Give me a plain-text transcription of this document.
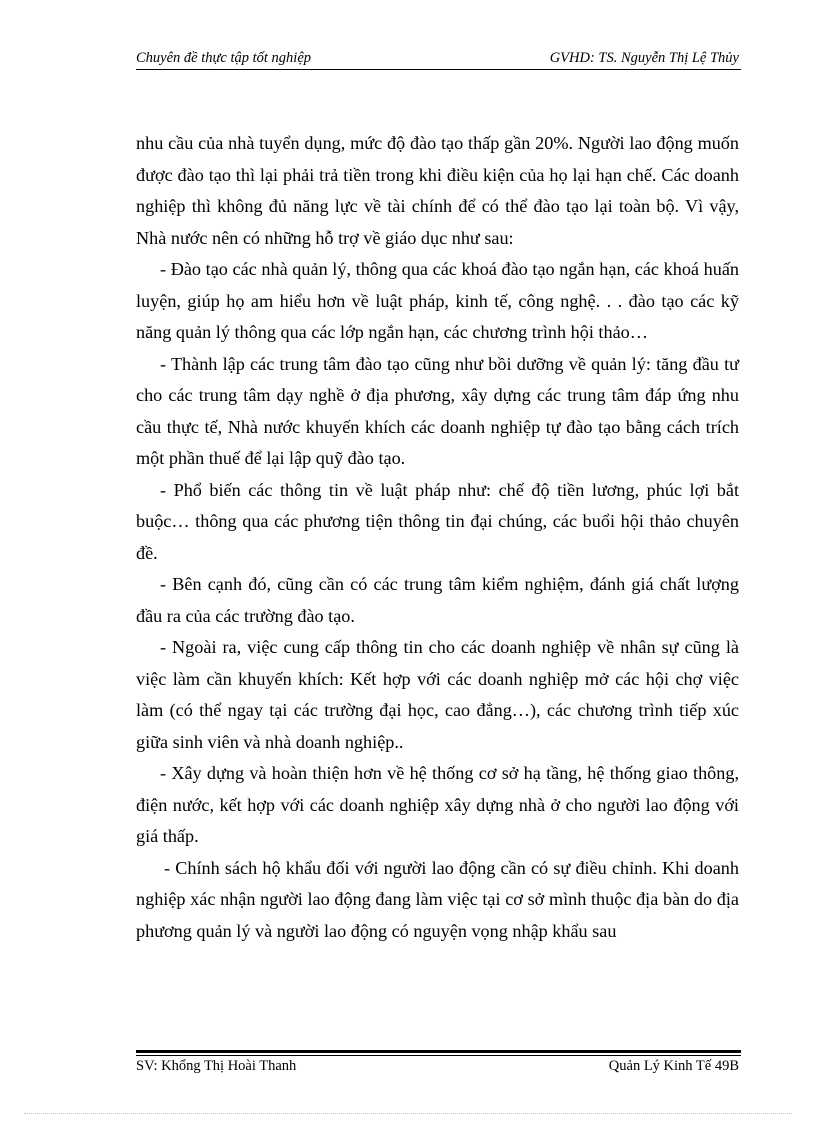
Chuyên đề thực tập tốt nghiệp	GVHD: TS. Nguyễn Thị Lệ Thủy

nhu cầu của nhà tuyển dụng, mức độ đào tạo thấp gần 20%. Người lao động muốn được đào tạo thì lại phải trả tiền trong khi điều kiện của họ lại hạn chế. Các doanh nghiệp thì không đủ năng lực về tài chính để có thể đào tạo lại toàn bộ. Vì vậy, Nhà nước nên có những hỗ trợ về giáo dục như sau:

- Đào tạo các nhà quản lý, thông qua các khoá đào tạo ngắn hạn, các khoá huấn luyện, giúp họ am hiểu hơn về luật pháp, kinh tế, công nghệ. . . đào tạo các kỹ năng quản lý thông qua các lớp ngắn hạn, các chương trình hội thảo…

- Thành lập các trung tâm đào tạo cũng như bồi dưỡng về quản lý: tăng đầu tư cho các trung tâm dạy nghề ở địa phương, xây dựng các trung tâm đáp ứng nhu cầu thực tế, Nhà nước khuyến khích các doanh nghiệp tự đào tạo bằng cách trích một phần thuế để lại lập quỹ đào tạo.

- Phổ biến các thông tin về luật pháp như: chế độ tiền lương, phúc lợi bắt buộc… thông qua các phương tiện thông tin đại chúng, các buổi hội thảo chuyên đề.

- Bên cạnh đó, cũng cần có các trung tâm kiểm nghiệm, đánh giá chất lượng đầu ra của các trường đào tạo.

- Ngoài ra, việc cung cấp thông tin cho các doanh nghiệp về nhân sự cũng là việc làm cần khuyến khích: Kết hợp với các doanh nghiệp mở các hội chợ việc làm (có thể ngay tại các trường đại học, cao đẳng…), các chương trình tiếp xúc giữa sinh viên và nhà doanh nghiệp..

- Xây dựng và hoàn thiện hơn về hệ thống cơ sở hạ tầng, hệ thống giao thông, điện nước, kết hợp với các doanh nghiệp xây dựng nhà ở cho người lao động với giá thấp.

- Chính sách hộ khẩu đối với người lao động cần có sự điều chỉnh. Khi doanh nghiệp xác nhận người lao động đang làm việc tại cơ sở mình thuộc địa bàn do địa phương quản lý và người lao động có nguyện vọng nhập khẩu sau

SV: Khổng Thị Hoài Thanh	Quản Lý Kinh Tế 49B
